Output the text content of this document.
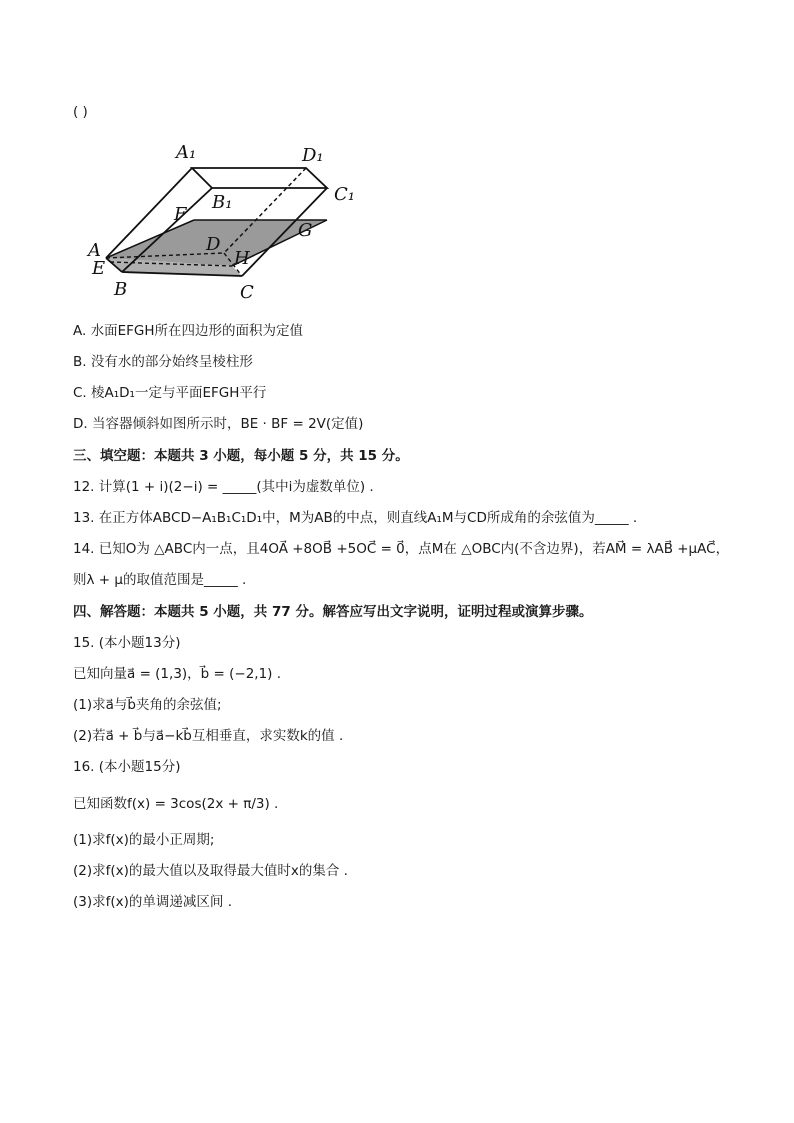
( )
A₁	D₁
B₁	C₁
F
G
D
A
E	H
B	C
A. 水面EFGH所在四边形的面积为定值
B. 没有水的部分始终呈棱柱形
C. 棱A₁D₁一定与平面EFGH平行
D. 当容器倾斜如图所示时，BE · BF = 2V(定值)
三、填空题：本题共 3 小题，每小题 5 分，共 15 分。
12. 计算(1 + i)(2−i) = _____(其中i为虚数单位) .
13. 在正方体ABCD−A₁B₁C₁D₁中，M为AB的中点，则直线A₁M与CD所成角的余弦值为_____ .
14. 已知O为 △ABC内一点，且4OA⃗ +8OB⃗ +5OC⃗ = 0⃗，点M在 △OBC内(不含边界)，若AM⃗ = λAB⃗ +μAC⃗，
则λ + μ的取值范围是_____ .
四、解答题：本题共 5 小题，共 77 分。解答应写出文字说明，证明过程或演算步骤。
15. (本小题13分)
已知向量a⃗ = (1,3)，b⃗ = (−2,1) .
(1)求a⃗与b⃗夹角的余弦值;
(2)若a⃗ + b⃗与a⃗−kb⃗互相垂直，求实数k的值 .
16. (本小题15分)
已知函数f(x) = 3cos(2x + π/3) .
(1)求f(x)的最小正周期;
(2)求f(x)的最大值以及取得最大值时x的集合 .
(3)求f(x)的单调递减区间 .
